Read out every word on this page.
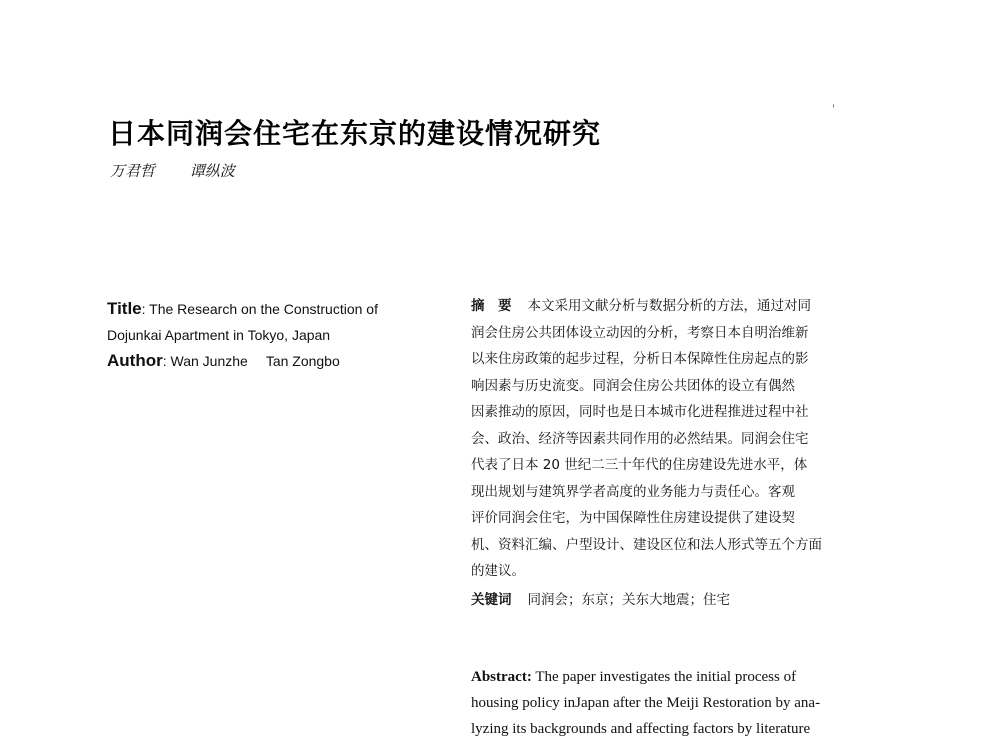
日本同润会住宅在东京的建设情况研究
万君哲 谭纵波
'
Title: The Research on the Construction of
Dojunkai Apartment in Tokyo, Japan
Author: Wan Junzhe Tan Zongbo
摘　要 本文采用文献分析与数据分析的方法，通过对同
润会住房公共团体设立动因的分析，考察日本自明治维新
以来住房政策的起步过程，分析日本保障性住房起点的影
响因素与历史流变。同润会住房公共团体的设立有偶然
因素推动的原因，同时也是日本城市化进程推进过程中社
会、政治、经济等因素共同作用的必然结果。同润会住宅
代表了日本 20 世纪二三十年代的住房建设先进水平，体
现出规划与建筑界学者高度的业务能力与责任心。客观
评价同润会住宅，为中国保障性住房建设提供了建设契
机、资料汇编、户型设计、建设区位和法人形式等五个方面
的建议。
关键词 同润会；东京；关东大地震；住宅
Abstract: The paper investigates the initial process of
housing policy inJapan after the Meiji Restoration by ana-
lyzing its backgrounds and affecting factors by literature
